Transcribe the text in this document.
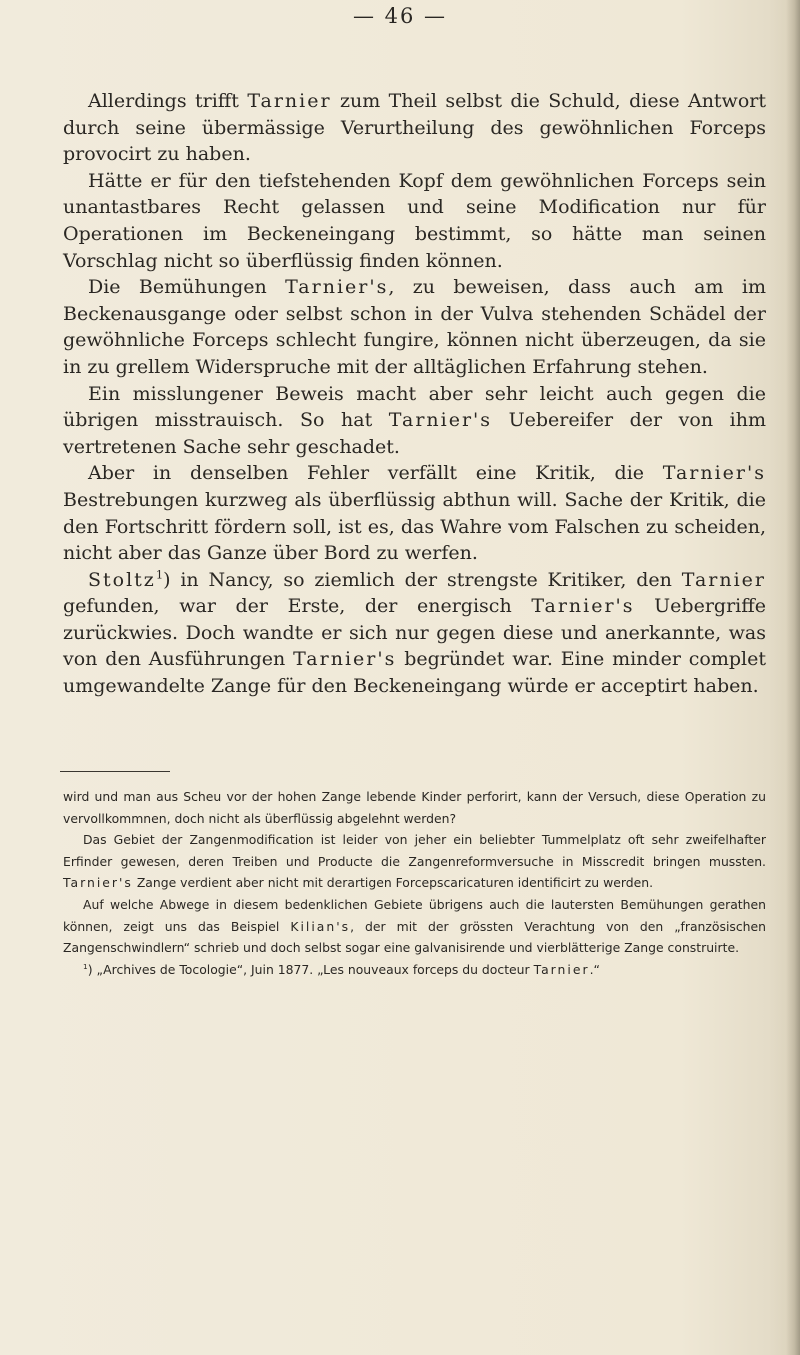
— 46 —

Allerdings trifft Tarnier zum Theil selbst die Schuld, diese Antwort durch seine übermässige Verurtheilung des gewöhnlichen Forceps provocirt zu haben.

Hätte er für den tiefstehenden Kopf dem gewöhnlichen Forceps sein unantastbares Recht gelassen und seine Modification nur für Operationen im Beckeneingang bestimmt, so hätte man seinen Vorschlag nicht so überflüssig finden können.

Die Bemühungen Tarnier's, zu beweisen, dass auch am im Beckenausgange oder selbst schon in der Vulva stehenden Schädel der gewöhnliche Forceps schlecht fungire, können nicht überzeugen, da sie in zu grellem Widerspruche mit der alltäglichen Erfahrung stehen.

Ein misslungener Beweis macht aber sehr leicht auch gegen die übrigen misstrauisch. So hat Tarnier's Uebereifer der von ihm vertretenen Sache sehr geschadet.

Aber in denselben Fehler verfällt eine Kritik, die Tarnier's Bestrebungen kurzweg als überflüssig abthun will. Sache der Kritik, die den Fortschritt fördern soll, ist es, das Wahre vom Falschen zu scheiden, nicht aber das Ganze über Bord zu werfen.

Stoltz$^1$) in Nancy, so ziemlich der strengste Kritiker, den Tarnier gefunden, war der Erste, der energisch Tarnier's Uebergriffe zurückwies. Doch wandte er sich nur gegen diese und anerkannte, was von den Ausführungen Tarnier's begründet war. Eine minder complet umgewandelte Zange für den Beckeneingang würde er acceptirt haben.

wird und man aus Scheu vor der hohen Zange lebende Kinder perforirt, kann der Versuch, diese Operation zu vervollkommnen, doch nicht als überflüssig abgelehnt werden?

Das Gebiet der Zangenmodification ist leider von jeher ein beliebter Tummelplatz oft sehr zweifelhafter Erfinder gewesen, deren Treiben und Producte die Zangenreformversuche in Misscredit bringen mussten. Tarnier's Zange verdient aber nicht mit derartigen Forcepscaricaturen identificirt zu werden.

Auf welche Abwege in diesem bedenklichen Gebiete übrigens auch die lautersten Bemühungen gerathen können, zeigt uns das Beispiel Kilian's, der mit der grössten Verachtung von den „französischen Zangenschwindlern“ schrieb und doch selbst sogar eine galvanisirende und vierblätterige Zange construirte.

$^1$) „Archives de Tocologie“, Juin 1877. „Les nouveaux forceps du docteur Tarnier.“
